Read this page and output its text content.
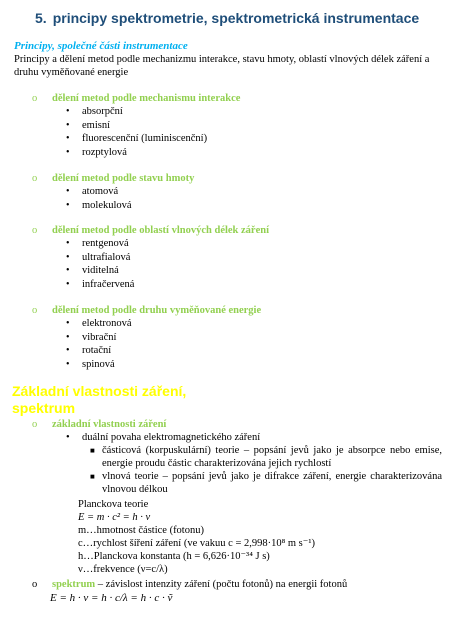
5. principy spektrometrie, spektrometrická instrumentace
Principy, společné části instrumentace
Principy a dělení metod podle mechanizmu interakce, stavu hmoty, oblastí vlnových délek záření a druhu vyměňované energie
o dělení metod podle mechanismu interakce
• absorpční
• emisní
• fluorescenční (luminiscenční)
• rozptylová
o dělení metod podle stavu hmoty
• atomová
• molekulová
o dělení metod podle oblastí vlnových délek záření
• rentgenová
• ultrafialová
• viditelná
• infračervená
o dělení metod podle druhu vyměňované energie
• elektronová
• vibrační
• rotační
• spinová
Základní vlastnosti záření, spektrum
o základní vlastnosti záření
• duální povaha elektromagnetického záření
■ částicová (korpuskulární) teorie – popsání jevů jako je absorpce nebo emise, energie proudu částic charakterizována jejich rychlostí
■ vlnová teorie – popsání jevů jako je difrakce záření, energie charakterizována vlnovou délkou
Planckova teorie
E = m · c² = h · ν
m…hmotnost částice (fotonu)
c…rychlost šíření záření (ve vakuu c = 2,998·10⁸ m s⁻¹)
h…Planckova konstanta (h = 6,626·10⁻³⁴ J s)
ν…frekvence (ν=c/λ)
o spektrum – závislost intenzity záření (počtu fotonů) na energii fotonů
E = h · ν = h · c/λ = h · c · ṽ
